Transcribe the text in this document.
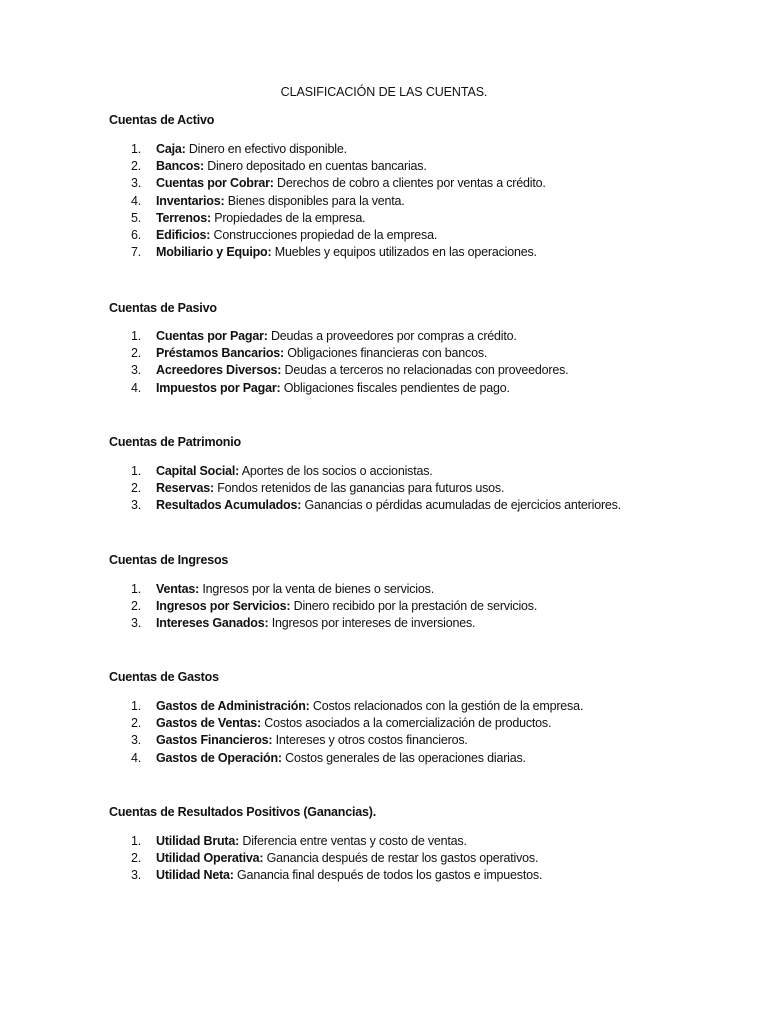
CLASIFICACIÓN DE LAS CUENTAS.
Cuentas de Activo
1. Caja: Dinero en efectivo disponible.
2. Bancos: Dinero depositado en cuentas bancarias.
3. Cuentas por Cobrar: Derechos de cobro a clientes por ventas a crédito.
4. Inventarios: Bienes disponibles para la venta.
5. Terrenos: Propiedades de la empresa.
6. Edificios: Construcciones propiedad de la empresa.
7. Mobiliario y Equipo: Muebles y equipos utilizados en las operaciones.
Cuentas de Pasivo
1. Cuentas por Pagar: Deudas a proveedores por compras a crédito.
2. Préstamos Bancarios: Obligaciones financieras con bancos.
3. Acreedores Diversos: Deudas a terceros no relacionadas con proveedores.
4. Impuestos por Pagar: Obligaciones fiscales pendientes de pago.
Cuentas de Patrimonio
1. Capital Social: Aportes de los socios o accionistas.
2. Reservas: Fondos retenidos de las ganancias para futuros usos.
3. Resultados Acumulados: Ganancias o pérdidas acumuladas de ejercicios anteriores.
Cuentas de Ingresos
1. Ventas: Ingresos por la venta de bienes o servicios.
2. Ingresos por Servicios: Dinero recibido por la prestación de servicios.
3. Intereses Ganados: Ingresos por intereses de inversiones.
Cuentas de Gastos
1. Gastos de Administración: Costos relacionados con la gestión de la empresa.
2. Gastos de Ventas: Costos asociados a la comercialización de productos.
3. Gastos Financieros: Intereses y otros costos financieros.
4. Gastos de Operación: Costos generales de las operaciones diarias.
Cuentas de Resultados Positivos (Ganancias).
1. Utilidad Bruta: Diferencia entre ventas y costo de ventas.
2. Utilidad Operativa: Ganancia después de restar los gastos operativos.
3. Utilidad Neta: Ganancia final después de todos los gastos e impuestos.
